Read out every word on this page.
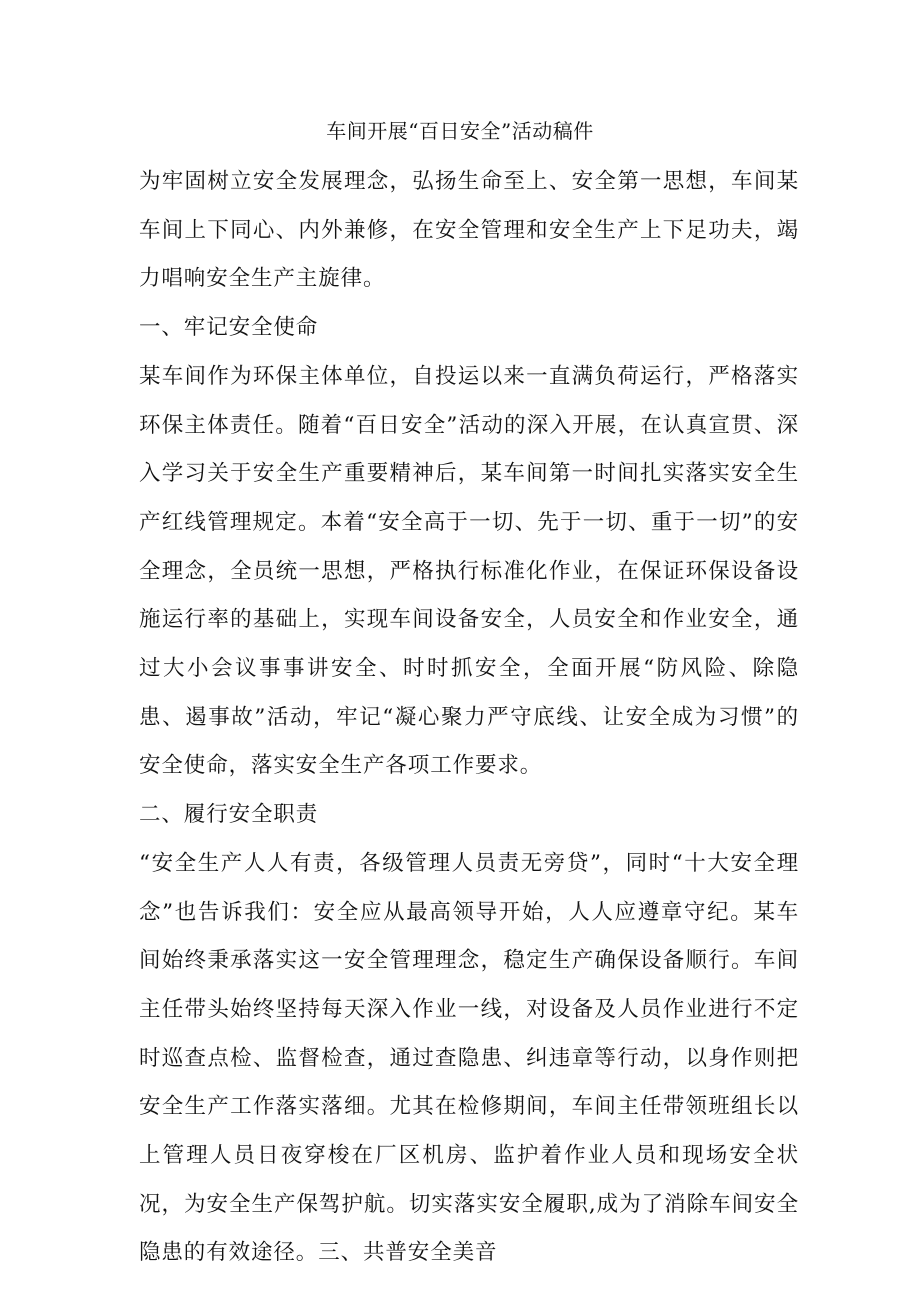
车间开展“百日安全”活动稿件

为牢固树立安全发展理念，弘扬生命至上、安全第一思想，车间某车间上下同心、内外兼修，在安全管理和安全生产上下足功夫，竭力唱响安全生产主旋律。

一、牢记安全使命

某车间作为环保主体单位，自投运以来一直满负荷运行，严格落实环保主体责任。随着“百日安全”活动的深入开展，在认真宣贯、深入学习关于安全生产重要精神后，某车间第一时间扎实落实安全生产红线管理规定。本着“安全高于一切、先于一切、重于一切”的安全理念，全员统一思想，严格执行标准化作业，在保证环保设备设施运行率的基础上，实现车间设备安全，人员安全和作业安全，通过大小会议事事讲安全、时时抓安全，全面开展“防风险、除隐患、遏事故”活动，牢记“凝心聚力严守底线、让安全成为习惯”的安全使命，落实安全生产各项工作要求。

二、履行安全职责

“安全生产人人有责，各级管理人员责无旁贷”，同时“十大安全理念”也告诉我们：安全应从最高领导开始，人人应遵章守纪。某车间始终秉承落实这一安全管理理念，稳定生产确保设备顺行。车间主任带头始终坚持每天深入作业一线，对设备及人员作业进行不定时巡查点检、监督检查，通过查隐患、纠违章等行动，以身作则把安全生产工作落实落细。尤其在检修期间，车间主任带领班组长以上管理人员日夜穿梭在厂区机房、监护着作业人员和现场安全状况，为安全生产保驾护航。切实落实安全履职,成为了消除车间安全隐患的有效途径。三、共普安全美音
